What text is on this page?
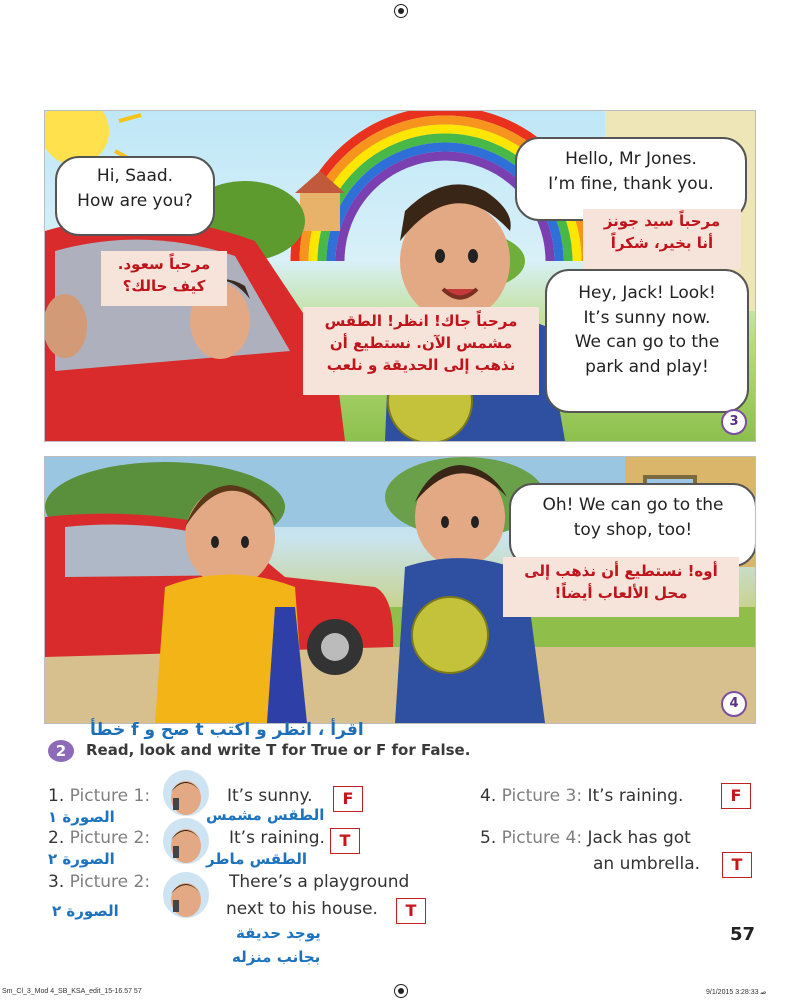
Hi, Saad.
How are you?
مرحباً سعود.
كيف حالك؟
Hello, Mr Jones.
I’m fine, thank you.
مرحباً سيد جونز
أنا بخير، شكراً
Hey, Jack! Look!
It’s sunny now.
We can go to the
park and play!
مرحباً جاك! انظر! الطقس
مشمس الآن. نستطيع أن
نذهب إلى الحديقة و نلعب
3
Oh! We can go to the
toy shop, too!
أوه! نستطيع أن نذهب إلى
محل الألعاب أيضاً!
4
اقرأ ، انظر و اكتب t صح و f خطأ
2	Read, look and write T for True or F for False.
1. Picture 1:	It’s sunny.	F
الصورة ١	الطقس مشمس
2. Picture 2:	It’s raining. T
الصورة ٢	الطقس ماطر
3. Picture 2:	There’s a playground
next to his house.	T
الصورة ٢
يوجد حديقة
بجانب منزله
4. Picture 3: It’s raining.	F
5. Picture 4: Jack has got
an umbrella.	T
57
Sm_Cl_3_Mod 4_SB_KSA_edit_15-16.57 57	9/1/2015 3:28:33 ﺻ
